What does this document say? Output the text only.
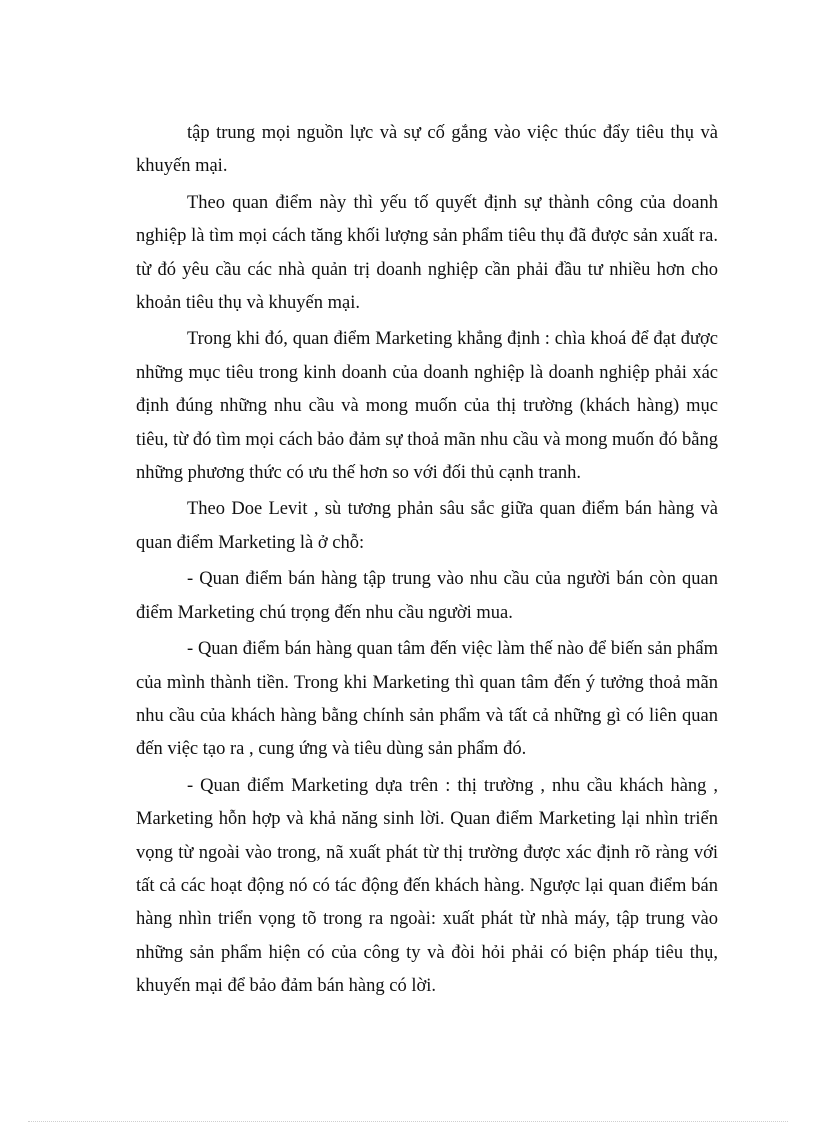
tập trung mọi nguồn lực và sự cố gắng vào việc thúc đẩy tiêu thụ và khuyến mại.

Theo quan điểm này thì yếu tố quyết định sự thành công của doanh nghiệp là tìm mọi cách tăng khối lượng sản phẩm tiêu thụ đã được sản xuất ra. từ đó yêu cầu các nhà quản trị doanh nghiệp cần phải đầu tư nhiều hơn cho khoản tiêu thụ và khuyến mại.

Trong khi đó, quan điểm Marketing khẳng định : chìa khoá để đạt được những mục tiêu trong kinh doanh của doanh nghiệp là doanh nghiệp phải xác định đúng những nhu cầu và mong muốn của thị trường (khách hàng) mục tiêu, từ đó tìm mọi cách bảo đảm sự thoả mãn nhu cầu và mong muốn đó bằng những phương thức có ưu thế hơn so với đối thủ cạnh tranh.

Theo Doe Levit , sù tương phản sâu sắc giữa quan điểm bán hàng và quan điểm Marketing là ở chỗ:

- Quan điểm bán hàng tập trung vào nhu cầu của người bán còn quan điểm Marketing chú trọng đến nhu cầu người mua.

- Quan điểm bán hàng quan tâm đến việc làm thế nào để biến sản phẩm của mình thành tiền. Trong khi Marketing thì quan tâm đến ý tưởng thoả mãn nhu cầu của khách hàng bằng chính sản phẩm và tất cả những gì có liên quan đến việc tạo ra , cung ứng và tiêu dùng sản phẩm đó.

- Quan điểm Marketing dựa trên : thị trường , nhu cầu khách hàng , Marketing hỗn hợp và khả năng sinh lời. Quan điểm Marketing lại nhìn triển vọng từ ngoài vào trong, nã xuất phát từ thị trường được xác định rõ ràng với tất cả các hoạt động nó có tác động đến khách hàng. Ngược lại quan điểm bán hàng nhìn triển vọng tõ trong ra ngoài: xuất phát từ nhà máy, tập trung vào những sản phẩm hiện có của công ty và đòi hỏi phải có biện pháp tiêu thụ, khuyến mại để bảo đảm bán hàng có lời.
